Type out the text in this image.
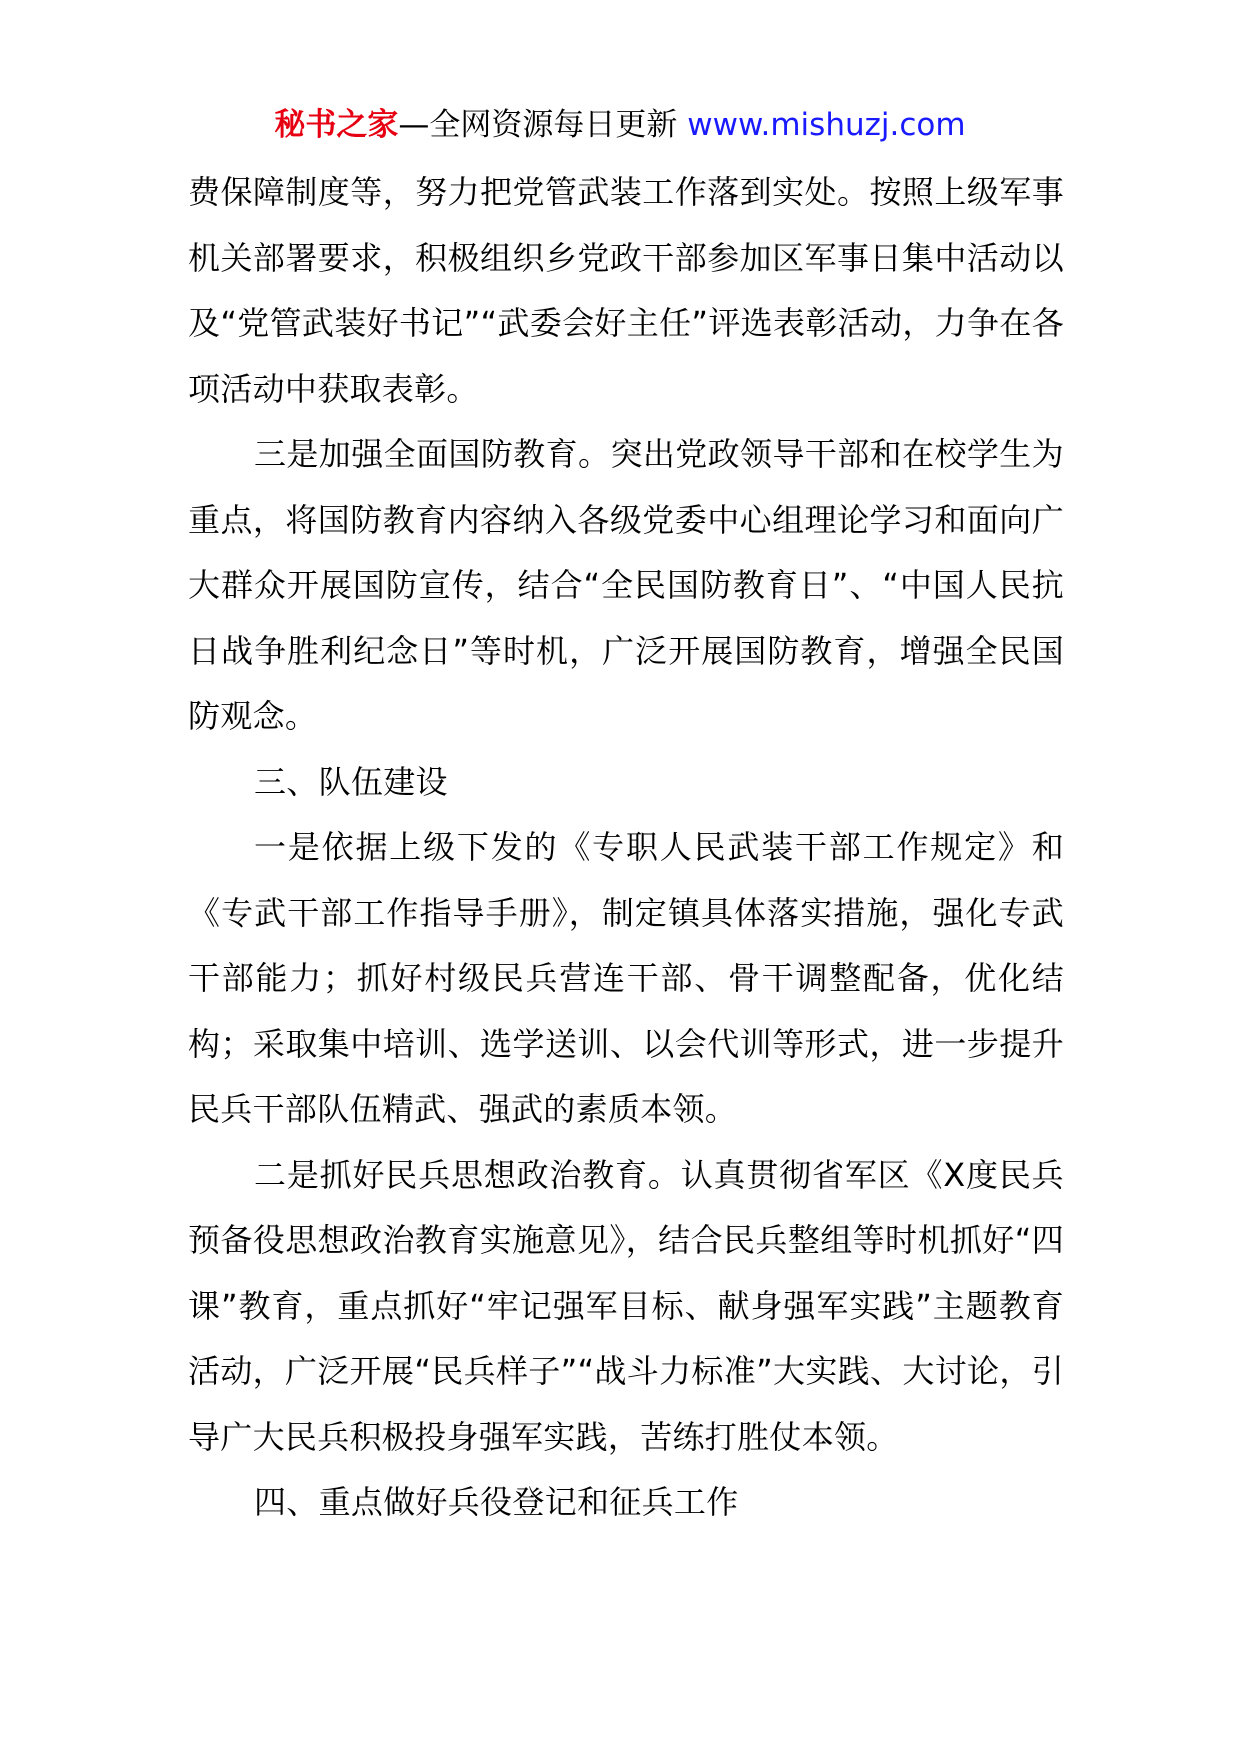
秘书之家—全网资源每日更新 www.mishuzj.com

费保障制度等，努力把党管武装工作落到实处。按照上级军事机关部署要求，积极组织乡党政干部参加区军事日集中活动以及“党管武装好书记”“武委会好主任”评选表彰活动，力争在各项活动中获取表彰。

三是加强全面国防教育。突出党政领导干部和在校学生为重点，将国防教育内容纳入各级党委中心组理论学习和面向广大群众开展国防宣传，结合“全民国防教育日”、“中国人民抗日战争胜利纪念日”等时机，广泛开展国防教育，增强全民国防观念。

三、队伍建设

一是依据上级下发的《专职人民武装干部工作规定》和《专武干部工作指导手册》，制定镇具体落实措施，强化专武干部能力；抓好村级民兵营连干部、骨干调整配备，优化结构；采取集中培训、选学送训、以会代训等形式，进一步提升民兵干部队伍精武、强武的素质本领。

二是抓好民兵思想政治教育。认真贯彻省军区《X度民兵预备役思想政治教育实施意见》，结合民兵整组等时机抓好“四课”教育，重点抓好“牢记强军目标、献身强军实践”主题教育活动，广泛开展“民兵样子”“战斗力标准”大实践、大讨论，引导广大民兵积极投身强军实践，苦练打胜仗本领。

四、重点做好兵役登记和征兵工作
